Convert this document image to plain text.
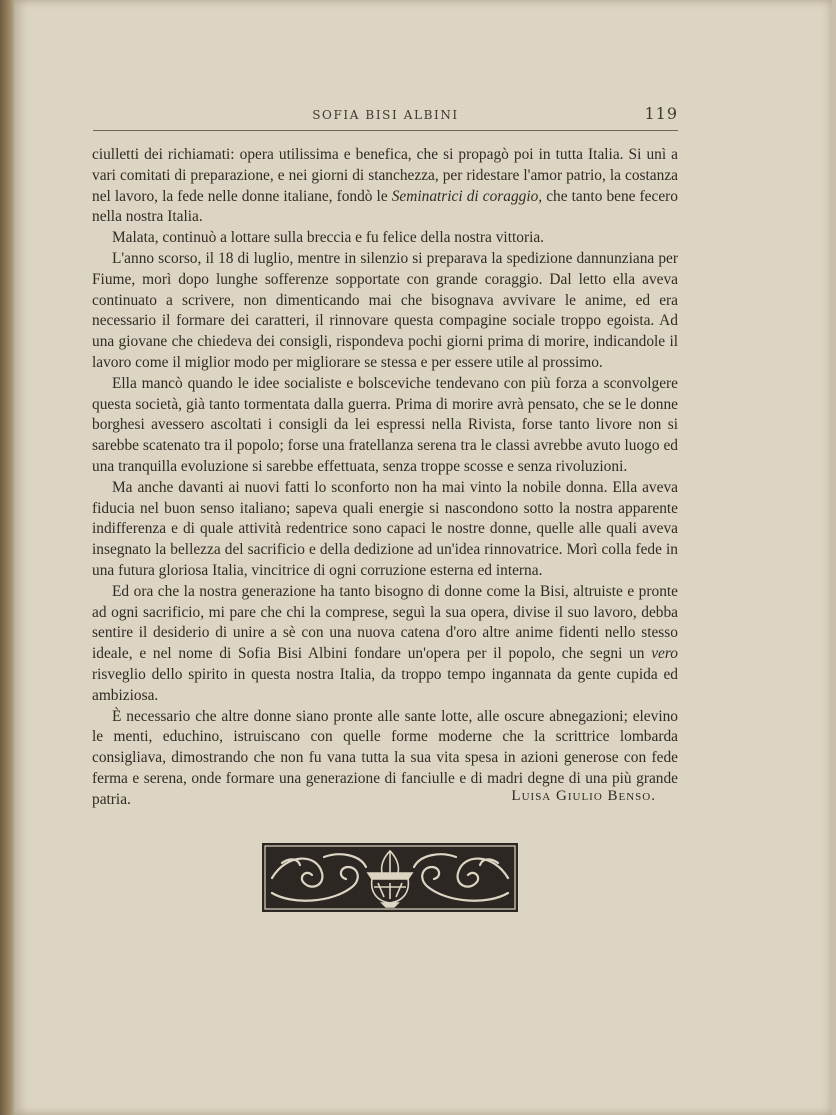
SOFIA BISI ALBINI	119

ciulletti dei richiamati: opera utilissima e benefica, che si propagò poi in tutta Italia. Si unì a vari comitati di preparazione, e nei giorni di stanchezza, per ridestare l'amor patrio, la costanza nel lavoro, la fede nelle donne italiane, fondò le Seminatrici di coraggio, che tanto bene fecero nella nostra Italia.

Malata, continuò a lottare sulla breccia e fu felice della nostra vittoria.

L'anno scorso, il 18 di luglio, mentre in silenzio si preparava la spedizione dannunziana per Fiume, morì dopo lunghe sofferenze sopportate con grande coraggio. Dal letto ella aveva continuato a scrivere, non dimenticando mai che bisognava avvivare le anime, ed era necessario il formare dei caratteri, il rinnovare questa compagine sociale troppo egoista. Ad una giovane che chiedeva dei consigli, rispondeva pochi giorni prima di morire, indicandole il lavoro come il miglior modo per migliorare se stessa e per essere utile al prossimo.

Ella mancò quando le idee socialiste e bolsceviche tendevano con più forza a sconvolgere questa società, già tanto tormentata dalla guerra. Prima di morire avrà pensato, che se le donne borghesi avessero ascoltati i consigli da lei espressi nella Rivista, forse tanto livore non si sarebbe scatenato tra il popolo; forse una fratellanza serena tra le classi avrebbe avuto luogo ed una tranquilla evoluzione si sarebbe effettuata, senza troppe scosse e senza rivoluzioni.

Ma anche davanti ai nuovi fatti lo sconforto non ha mai vinto la nobile donna. Ella aveva fiducia nel buon senso italiano; sapeva quali energie si nascondono sotto la nostra apparente indifferenza e di quale attività redentrice sono capaci le nostre donne, quelle alle quali aveva insegnato la bellezza del sacrificio e della dedizione ad un'idea rinnovatrice. Morì colla fede in una futura gloriosa Italia, vincitrice di ogni corruzione esterna ed interna.

Ed ora che la nostra generazione ha tanto bisogno di donne come la Bisi, altruiste e pronte ad ogni sacrificio, mi pare che chi la comprese, seguì la sua opera, divise il suo lavoro, debba sentire il desiderio di unire a sè con una nuova catena d'oro altre anime fidenti nello stesso ideale, e nel nome di Sofia Bisi Albini fondare un'opera per il popolo, che segni un vero risveglio dello spirito in questa nostra Italia, da troppo tempo ingannata da gente cupida ed ambiziosa.

È necessario che altre donne siano pronte alle sante lotte, alle oscure abnegazioni; elevino le menti, educhino, istruiscano con quelle forme moderne che la scrittrice lombarda consigliava, dimostrando che non fu vana tutta la sua vita spesa in azioni generose con fede ferma e serena, onde formare una generazione di fanciulle e di madri degne di una più grande patria.	Luisa Giulio Benso.
